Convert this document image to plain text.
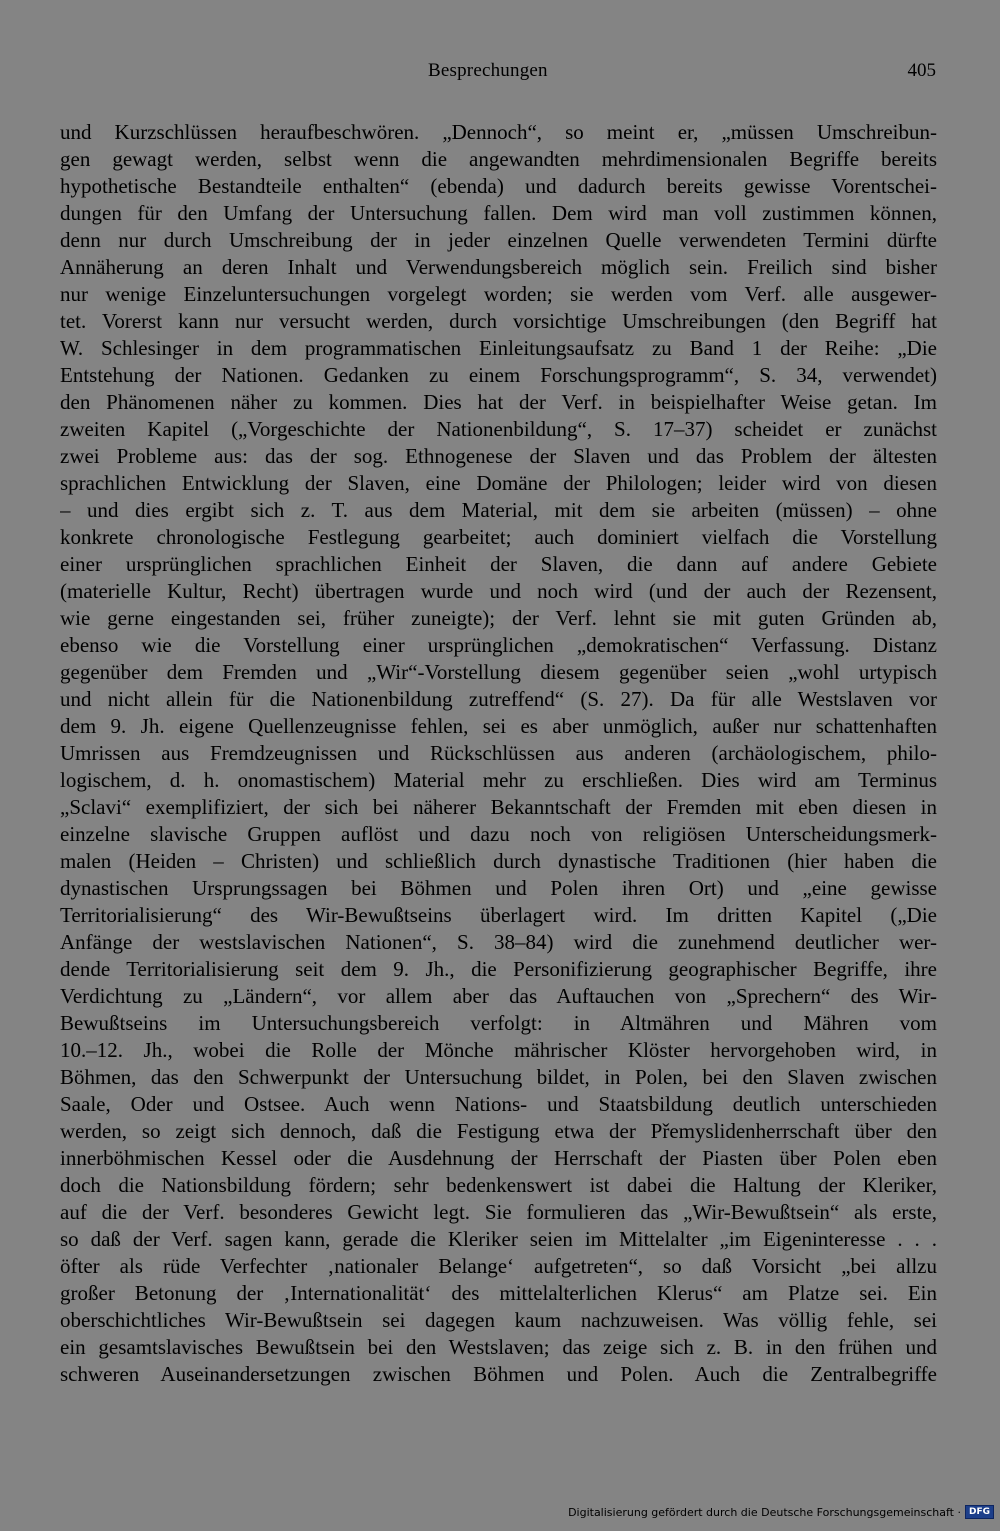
Besprechungen	405
und Kurzschlüssen heraufbeschwören. „Dennoch“, so meint er, „müssen Umschreibun-
gen gewagt werden, selbst wenn die angewandten mehrdimensionalen Begriffe bereits
hypothetische Bestandteile enthalten“ (ebenda) und dadurch bereits gewisse Vorentschei-
dungen für den Umfang der Untersuchung fallen. Dem wird man voll zustimmen können,
denn nur durch Umschreibung der in jeder einzelnen Quelle verwendeten Termini dürfte
Annäherung an deren Inhalt und Verwendungsbereich möglich sein. Freilich sind bisher
nur wenige Einzeluntersuchungen vorgelegt worden; sie werden vom Verf. alle ausgewer-
tet. Vorerst kann nur versucht werden, durch vorsichtige Umschreibungen (den Begriff hat
W. Schlesinger in dem programmatischen Einleitungsaufsatz zu Band 1 der Reihe: „Die
Entstehung der Nationen. Gedanken zu einem Forschungsprogramm“, S. 34, verwendet)
den Phänomenen näher zu kommen. Dies hat der Verf. in beispielhafter Weise getan. Im
zweiten Kapitel („Vorgeschichte der Nationenbildung“, S. 17–37) scheidet er zunächst
zwei Probleme aus: das der sog. Ethnogenese der Slaven und das Problem der ältesten
sprachlichen Entwicklung der Slaven, eine Domäne der Philologen; leider wird von diesen
– und dies ergibt sich z. T. aus dem Material, mit dem sie arbeiten (müssen) – ohne
konkrete chronologische Festlegung gearbeitet; auch dominiert vielfach die Vorstellung
einer ursprünglichen sprachlichen Einheit der Slaven, die dann auf andere Gebiete
(materielle Kultur, Recht) übertragen wurde und noch wird (und der auch der Rezensent,
wie gerne eingestanden sei, früher zuneigte); der Verf. lehnt sie mit guten Gründen ab,
ebenso wie die Vorstellung einer ursprünglichen „demokratischen“ Verfassung. Distanz
gegenüber dem Fremden und „Wir“-Vorstellung diesem gegenüber seien „wohl urtypisch
und nicht allein für die Nationenbildung zutreffend“ (S. 27). Da für alle Westslaven vor
dem 9. Jh. eigene Quellenzeugnisse fehlen, sei es aber unmöglich, außer nur schattenhaften
Umrissen aus Fremdzeugnissen und Rückschlüssen aus anderen (archäologischem, philo-
logischem, d. h. onomastischem) Material mehr zu erschließen. Dies wird am Terminus
„Sclavi“ exemplifiziert, der sich bei näherer Bekanntschaft der Fremden mit eben diesen in
einzelne slavische Gruppen auflöst und dazu noch von religiösen Unterscheidungsmerk-
malen (Heiden – Christen) und schließlich durch dynastische Traditionen (hier haben die
dynastischen Ursprungssagen bei Böhmen und Polen ihren Ort) und „eine gewisse
Territorialisierung“ des Wir-Bewußtseins überlagert wird. Im dritten Kapitel („Die
Anfänge der westslavischen Nationen“, S. 38–84) wird die zunehmend deutlicher wer-
dende Territorialisierung seit dem 9. Jh., die Personifizierung geographischer Begriffe, ihre
Verdichtung zu „Ländern“, vor allem aber das Auftauchen von „Sprechern“ des Wir-
Bewußtseins im Untersuchungsbereich verfolgt: in Altmähren und Mähren vom
10.–12. Jh., wobei die Rolle der Mönche mährischer Klöster hervorgehoben wird, in
Böhmen, das den Schwerpunkt der Untersuchung bildet, in Polen, bei den Slaven zwischen
Saale, Oder und Ostsee. Auch wenn Nations- und Staatsbildung deutlich unterschieden
werden, so zeigt sich dennoch, daß die Festigung etwa der Přemyslidenherrschaft über den
innerböhmischen Kessel oder die Ausdehnung der Herrschaft der Piasten über Polen eben
doch die Nationsbildung fördern; sehr bedenkenswert ist dabei die Haltung der Kleriker,
auf die der Verf. besonderes Gewicht legt. Sie formulieren das „Wir-Bewußtsein“ als erste,
so daß der Verf. sagen kann, gerade die Kleriker seien im Mittelalter „im Eigeninteresse . . .
öfter als rüde Verfechter ‚nationaler Belange‘ aufgetreten“, so daß Vorsicht „bei allzu
großer Betonung der ‚Internationalität‘ des mittelalterlichen Klerus“ am Platze sei. Ein
oberschichtliches Wir-Bewußtsein sei dagegen kaum nachzuweisen. Was völlig fehle, sei
ein gesamtslavisches Bewußtsein bei den Westslaven; das zeige sich z. B. in den frühen und
schweren Auseinandersetzungen zwischen Böhmen und Polen. Auch die Zentralbegriffe
Digitalisierung gefördert durch die Deutsche Forschungsgemeinschaft · DFG
